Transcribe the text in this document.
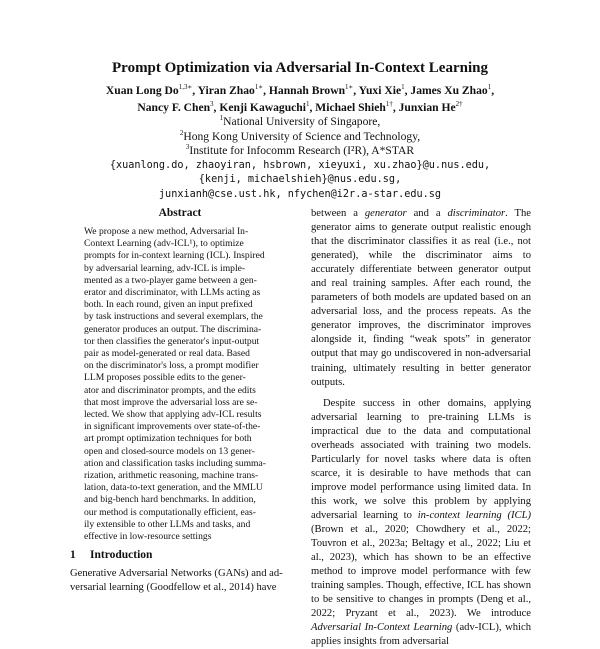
Prompt Optimization via Adversarial In-Context Learning
Xuan Long $Do^{1,3∗}$, Yiran Zhao$^{1∗}$, Hannah Brown$^{1∗}$, Yuxi Xie$^1$, James Xu Zhao$^1$,
Nancy F. Chen$^3$, Kenji Kawaguchi$^1$, Michael Shieh$^{1\dagger}$, Junxian $He^{2\dagger}$
$^1$National University of Singapore,
$^2$Hong Kong University of Science and Technology,
$^3$Institute for Infocomm Research (I²R), A*STAR
{xuanlong.do, zhaoyiran, hsbrown, xieyuxi, xu.zhao}@u.nus.edu,
{kenji, michaelshieh}@nus.edu.sg,
junxianh@cse.ust.hk, nfychen@i2r.a-star.edu.sg
Abstract
We propose a new method, Adversarial In-
Context Learning (adv-ICL¹), to optimize
prompts for in-context learning (ICL). Inspired
by adversarial learning, adv-ICL is imple-
mented as a two-player game between a gen-
erator and discriminator, with LLMs acting as
both. In each round, given an input prefixed
by task instructions and several exemplars, the
generator produces an output. The discrimina-
tor then classifies the generator's input-output
pair as model-generated or real data. Based
on the discriminator's loss, a prompt modifier
LLM proposes possible edits to the gener-
ator and discriminator prompts, and the edits
that most improve the adversarial loss are se-
lected. We show that applying adv-ICL results
in significant improvements over state-of-the-
art prompt optimization techniques for both
open and closed-source models on 13 gener-
ation and classification tasks including summa-
rization, arithmetic reasoning, machine trans-
lation, data-to-text generation, and the MMLU
and big-bench hard benchmarks. In addition,
our method is computationally efficient, eas-
ily extensible to other LLMs and tasks, and
effective in low-resource settings
1 Introduction
Generative Adversarial Networks (GANs) and ad-
versarial learning (Goodfellow et al., 2014) have

between a generator and a discriminator. The generator aims to generate output realistic enough that the discriminator classifies it as real (i.e., not generated), while the discriminator aims to accurately differentiate between generator output and real training samples. After each round, the parameters of both models are updated based on an adversarial loss, and the process repeats. As the generator improves, the discriminator improves alongside it, finding “weak spots” in generator output that may go undiscovered in non-adversarial training, ultimately resulting in better generator outputs.

Despite success in other domains, applying adversarial learning to pre-training LLMs is impractical due to the data and computational overheads associated with training two models. Particularly for novel tasks where data is often scarce, it is desirable to have methods that can improve model performance using limited data. In this work, we solve this problem by applying adversarial learning to in-context learning (ICL) (Brown et al., 2020; Chowdhery et al., 2022; Touvron et al., 2023a; Beltagy et al., 2022; Liu et al., 2023), which has shown to be an effective method to improve model performance with few training samples. Though, effective, ICL has shown to be sensitive to changes in prompts (Deng et al., 2022; Pryzant et al., 2023). We introduce Adversarial In-Context Learning (adv-ICL), which applies insights from adversarial
